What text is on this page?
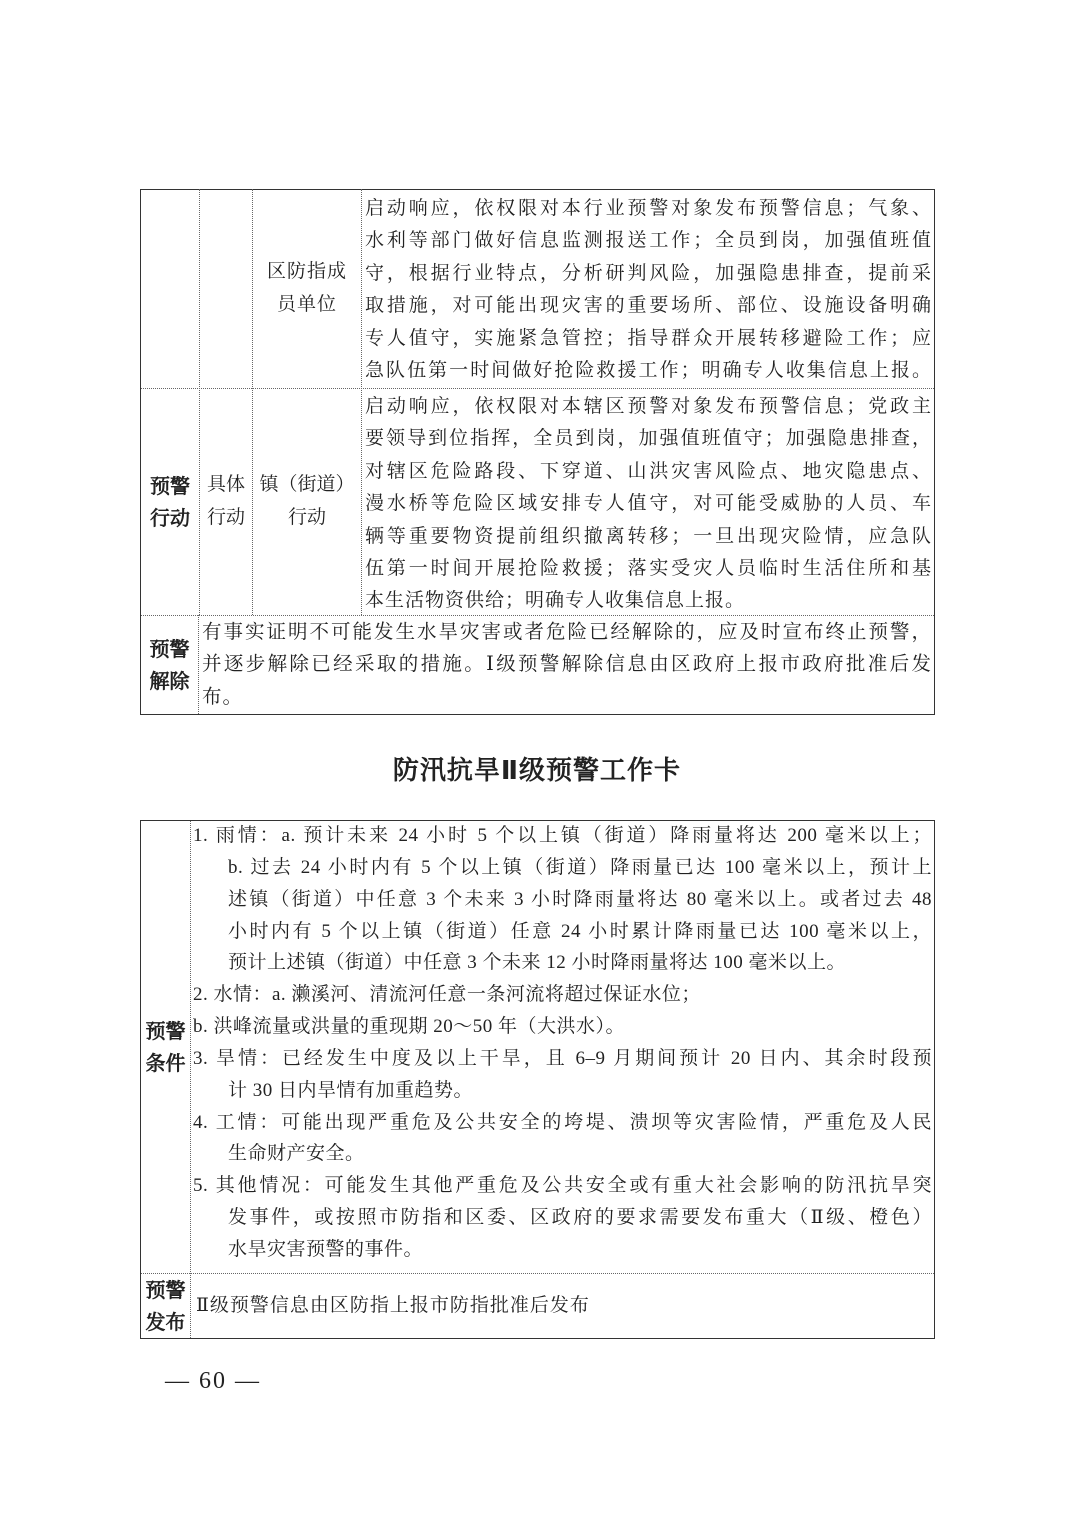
区防指成员单位
启动响应，依权限对本行业预警对象发布预警信息；气象、
水利等部门做好信息监测报送工作；全员到岗，加强值班值
守，根据行业特点，分析研判风险，加强隐患排查，提前采
取措施，对可能出现灾害的重要场所、部位、设施设备明确
专人值守，实施紧急管控；指导群众开展转移避险工作；应
急队伍第一时间做好抢险救援工作；明确专人收集信息上报。
预警行动
具体行动
镇（街道）行动
启动响应，依权限对本辖区预警对象发布预警信息；党政主
要领导到位指挥，全员到岗，加强值班值守；加强隐患排查，
对辖区危险路段、下穿道、山洪灾害风险点、地灾隐患点、
漫水桥等危险区域安排专人值守，对可能受威胁的人员、车
辆等重要物资提前组织撤离转移；一旦出现灾险情，应急队
伍第一时间开展抢险救援；落实受灾人员临时生活住所和基
本生活物资供给；明确专人收集信息上报。
预警解除
有事实证明不可能发生水旱灾害或者危险已经解除的，应及时宣布终止预警，
并逐步解除已经采取的措施。Ⅰ级预警解除信息由区政府上报市政府批准后发
布。
防汛抗旱Ⅱ级预警工作卡
预警条件
1. 雨情：a. 预计未来 24 小时 5 个以上镇（街道）降雨量将达 200 毫米以上；
b. 过去 24 小时内有 5 个以上镇（街道）降雨量已达 100 毫米以上，预计上
述镇（街道）中任意 3 个未来 3 小时降雨量将达 80 毫米以上。或者过去 48
小时内有 5 个以上镇（街道）任意 24 小时累计降雨量已达 100 毫米以上，
预计上述镇（街道）中任意 3 个未来 12 小时降雨量将达 100 毫米以上。
2. 水情：a. 濑溪河、清流河任意一条河流将超过保证水位；
b. 洪峰流量或洪量的重现期 20～50 年（大洪水）。
3. 旱情：已经发生中度及以上干旱，且 6–9 月期间预计 20 日内、其余时段预
计 30 日内旱情有加重趋势。
4. 工情：可能出现严重危及公共安全的垮堤、溃坝等灾害险情，严重危及人民
生命财产安全。
5. 其他情况：可能发生其他严重危及公共安全或有重大社会影响的防汛抗旱突
发事件，或按照市防指和区委、区政府的要求需要发布重大（Ⅱ级、橙色）
水旱灾害预警的事件。
预警发布
Ⅱ级预警信息由区防指上报市防指批准后发布
— 60 —
